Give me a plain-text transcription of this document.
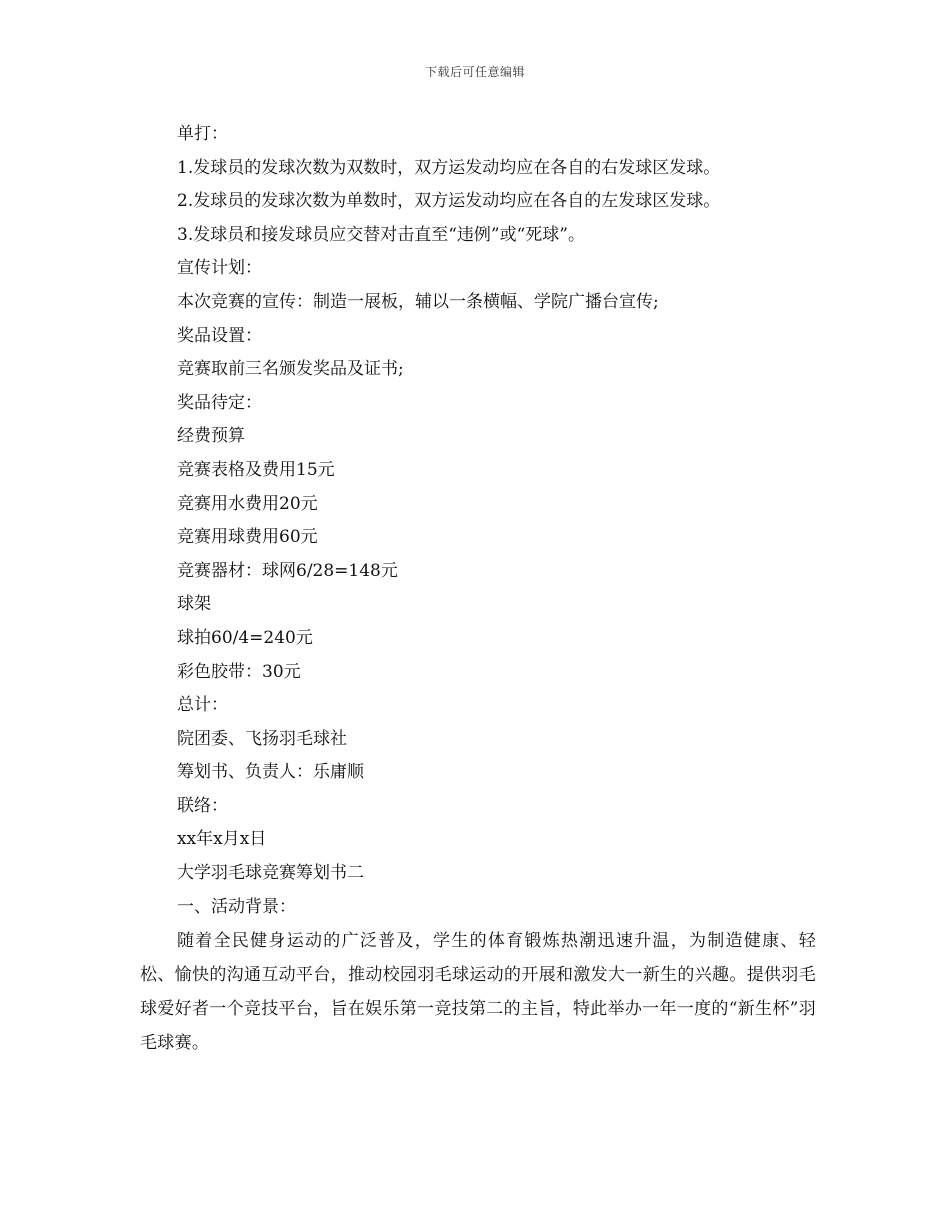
下载后可任意编辑
单打：
1.发球员的发球次数为双数时，双方运发动均应在各自的右发球区发球。
2.发球员的发球次数为单数时，双方运发动均应在各自的左发球区发球。
3.发球员和接发球员应交替对击直至“违例”或“死球”。
宣传计划：
本次竞赛的宣传：制造一展板，辅以一条横幅、学院广播台宣传;
奖品设置：
竞赛取前三名颁发奖品及证书;
奖品待定：
经费预算
竞赛表格及费用15元
竞赛用水费用20元
竞赛用球费用60元
竞赛器材：球网6/28=148元
球架
球拍60/4=240元
彩色胶带：30元
总计：
院团委、飞扬羽毛球社
筹划书、负责人：乐庸顺
联络：
xx年x月x日
大学羽毛球竞赛筹划书二
一、活动背景：

随着全民健身运动的广泛普及，学生的体育锻炼热潮迅速升温，为制造健康、轻松、愉快的沟通互动平台，推动校园羽毛球运动的开展和激发大一新生的兴趣。提供羽毛球爱好者一个竞技平台，旨在娱乐第一竞技第二的主旨，特此举办一年一度的“新生杯”羽毛球赛。
